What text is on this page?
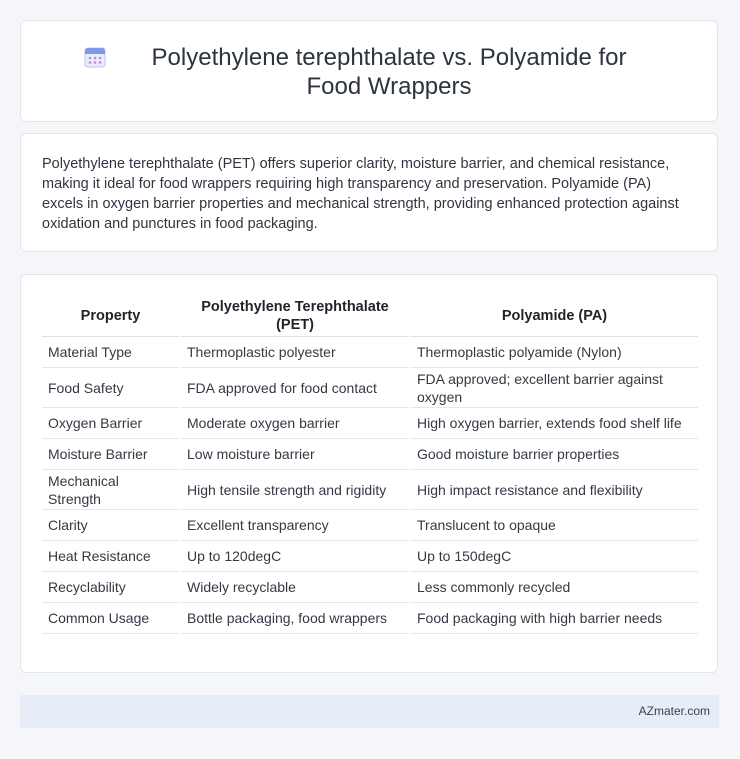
Polyethylene terephthalate vs. Polyamide for Food Wrappers

Polyethylene terephthalate (PET) offers superior clarity, moisture barrier, and chemical resistance, making it ideal for food wrappers requiring high transparency and preservation. Polyamide (PA) excels in oxygen barrier properties and mechanical strength, providing enhanced protection against oxidation and punctures in food packaging.

Property	Polyethylene Terephthalate (PET)	Polyamide (PA)
Material Type	Thermoplastic polyester	Thermoplastic polyamide (Nylon)
Food Safety	FDA approved for food contact	FDA approved; excellent barrier against oxygen
Oxygen Barrier	Moderate oxygen barrier	High oxygen barrier, extends food shelf life
Moisture Barrier	Low moisture barrier	Good moisture barrier properties
Mechanical Strength	High tensile strength and rigidity	High impact resistance and flexibility
Clarity	Excellent transparency	Translucent to opaque
Heat Resistance	Up to 120degC	Up to 150degC
Recyclability	Widely recyclable	Less commonly recycled
Common Usage	Bottle packaging, food wrappers	Food packaging with high barrier needs
AZmater.com
